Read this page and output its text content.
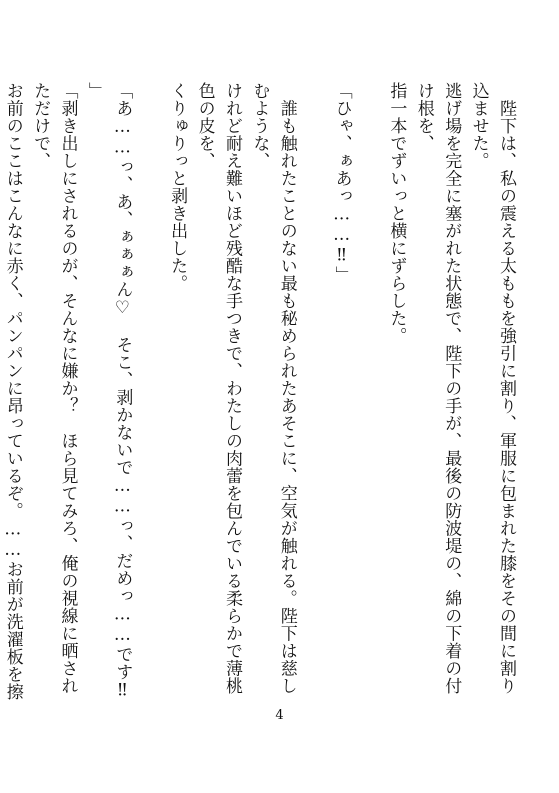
　陛下は、私の震える太ももを強引に割り、軍服に包まれた膝をその間に割り込ませた。

逃げ場を完全に塞がれた状態で、陛下の手が、最後の防波堤の、綿の下着の付け根を、

指一本でずいっと横にずらした。

「ひゃ、ぁあっ……‼」

　誰も触れたことのない最も秘められたあそこに、空気が触れる。陛下は慈しむような、

けれど耐え難いほど残酷な手つきで、わたしの肉蕾を包んでいる柔らかで薄桃色の皮を、

くりゅりっと剥き出した。

「あ……っ、あ、ぁぁぁん♡　そこ、剥かないで……っ、だめっ……です‼」

「剥き出しにされるのが、そんなに嫌か？　ほら見てみろ、俺の視線に晒されただけで、

お前のここはこんなに赤く、パンパンに昂っているぞ。……お前が洗濯板を擦

4
